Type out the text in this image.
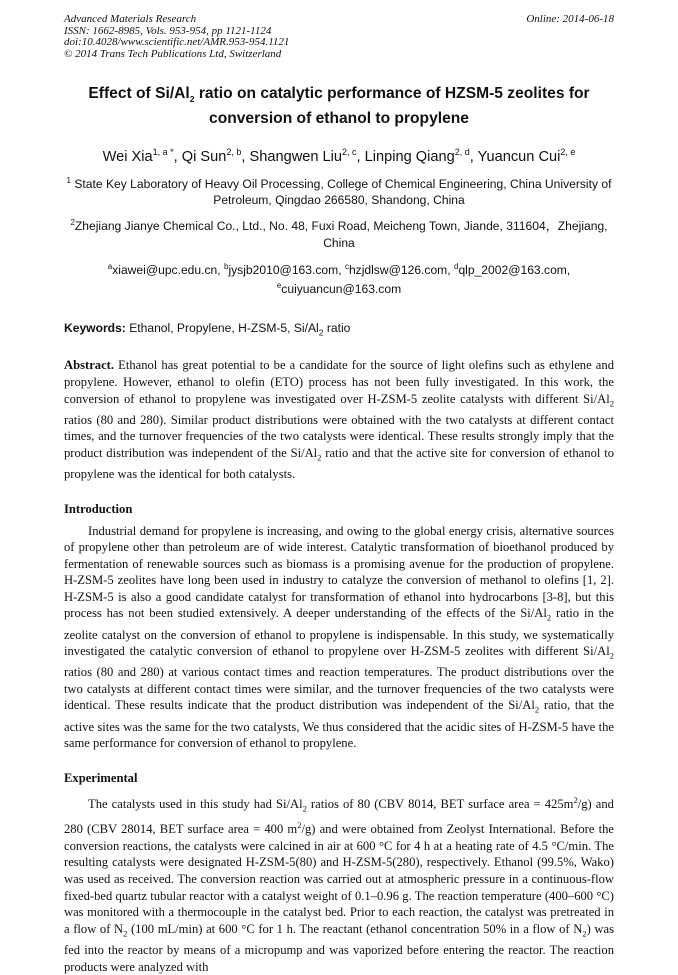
Advanced Materials Research
ISSN: 1662-8985, Vols. 953-954, pp 1121-1124
doi:10.4028/www.scientific.net/AMR.953-954.1121
© 2014 Trans Tech Publications Ltd, Switzerland
Online: 2014-06-18
Effect of $Si/Al_2$ ratio on catalytic performance of HZSM-5 zeolites for conversion of ethanol to propylene
Wei Xia$^{1, a *}$, Qi Sun$^{2, b}$, Shangwen Liu$^{2, c}$, Linping Qiang$^{2, d}$, Yuancun Cui$^{2, e}$
$^1$ State Key Laboratory of Heavy Oil Processing, College of Chemical Engineering, China University of Petroleum, Qingdao 266580, Shandong, China
$^2$Zhejiang Jianye Chemical Co., Ltd., No. 48, Fuxi Road, Meicheng Town, Jiande, 311604，Zhejiang, China
$^a$xiawei@upc.edu.cn, $^b$jysjb2010@163.com, $^c$hzjdlsw@126.com, $^d$qlp_2002@163.com,
$^e$cuiyuancun@163.com
Keywords: Ethanol, Propylene, H-ZSM-5, $Si/Al_2$ ratio

Abstract. Ethanol has great potential to be a candidate for the source of light olefins such as ethylene and propylene. However, ethanol to olefin (ETO) process has not been fully investigated. In this work, the conversion of ethanol to propylene was investigated over H-ZSM-5 zeolite catalysts with different $Si/Al_2$ ratios (80 and 280). Similar product distributions were obtained with the two catalysts at different contact times, and the turnover frequencies of the two catalysts were identical. These results strongly imply that the product distribution was independent of the $Si/Al_2$ ratio and that the active site for conversion of ethanol to propylene was the identical for both catalysts.

Introduction

Industrial demand for propylene is increasing, and owing to the global energy crisis, alternative sources of propylene other than petroleum are of wide interest. Catalytic transformation of bioethanol produced by fermentation of renewable sources such as biomass is a promising avenue for the production of propylene. H-ZSM-5 zeolites have long been used in industry to catalyze the conversion of methanol to olefins [1, 2]. H-ZSM-5 is also a good candidate catalyst for transformation of ethanol into hydrocarbons [3-8], but this process has not been studied extensively. A deeper understanding of the effects of the $Si/Al_2$ ratio in the zeolite catalyst on the conversion of ethanol to propylene is indispensable. In this study, we systematically investigated the catalytic conversion of ethanol to propylene over H-ZSM-5 zeolites with different $Si/Al_2$ ratios (80 and 280) at various contact times and reaction temperatures. The product distributions over the two catalysts at different contact times were similar, and the turnover frequencies of the two catalysts were identical. These results indicate that the product distribution was independent of the $Si/Al_2$ ratio, that the active sites was the same for the two catalysts, We thus considered that the acidic sites of H-ZSM-5 have the same performance for conversion of ethanol to propylene.

Experimental

The catalysts used in this study had $Si/Al_2$ ratios of 80 (CBV 8014, BET surface area = $425m^2/g$) and 280 (CBV 28014, BET surface area = 400 $m^2/g$) and were obtained from Zeolyst International. Before the conversion reactions, the catalysts were calcined in air at 600 °C for 4 h at a heating rate of 4.5 °C/min. The resulting catalysts were designated H-ZSM-5(80) and H-ZSM-5(280), respectively. Ethanol (99.5%, Wako) was used as received. The conversion reaction was carried out at atmospheric pressure in a continuous-flow fixed-bed quartz tubular reactor with a catalyst weight of 0.1–0.96 g. The reaction temperature (400–600 °C) was monitored with a thermocouple in the catalyst bed. Prior to each reaction, the catalyst was pretreated in a flow of $N_2$ (100 mL/min) at 600 °C for 1 h. The reactant (ethanol concentration 50% in a flow of $N_2$) was fed into the reactor by means of a micropump and was vaporized before entering the reactor. The reaction products were analyzed with
